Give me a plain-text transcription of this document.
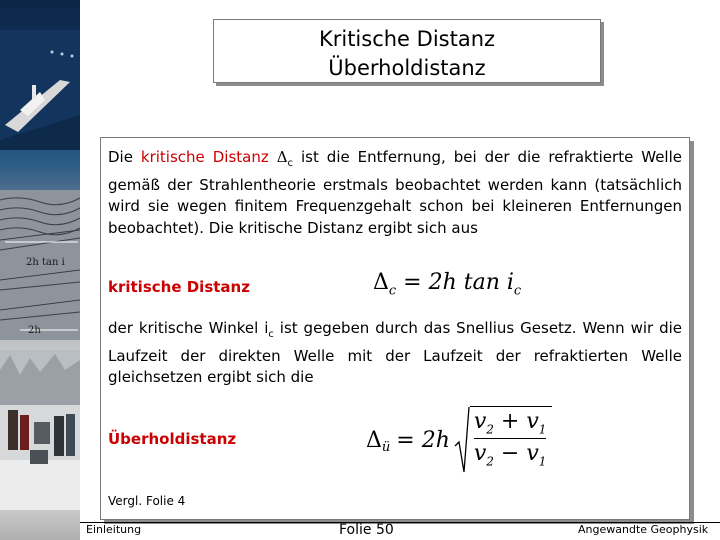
2h tan i
2h
Kritische Distanz
Überholdistanz
Die kritische Distanz $\Delta_c$ ist die Entfernung, bei der die refraktierte Welle gemäß der Strahlentheorie erstmals beobachtet werden kann (tatsächlich wird sie wegen finitem Frequenzgehalt schon bei kleineren Entfernungen beobachtet). Die kritische Distanz ergibt sich aus
kritische Distanz	$\Delta_c = 2h$ $\tan i_c$
der kritische Winkel $i_c$ ist gegeben durch das Snellius Gesetz. Wenn wir die Laufzeit der direkten Welle mit der Laufzeit der refraktierten Welle gleichsetzen ergibt sich die
Überholdistanz	$\Delta_ü = 2h \frac{v_2 + v_1}{v_2 - v_1}$
Vergl. Folie 4
Einleitung	Folie 50	Angewandte Geophysik
